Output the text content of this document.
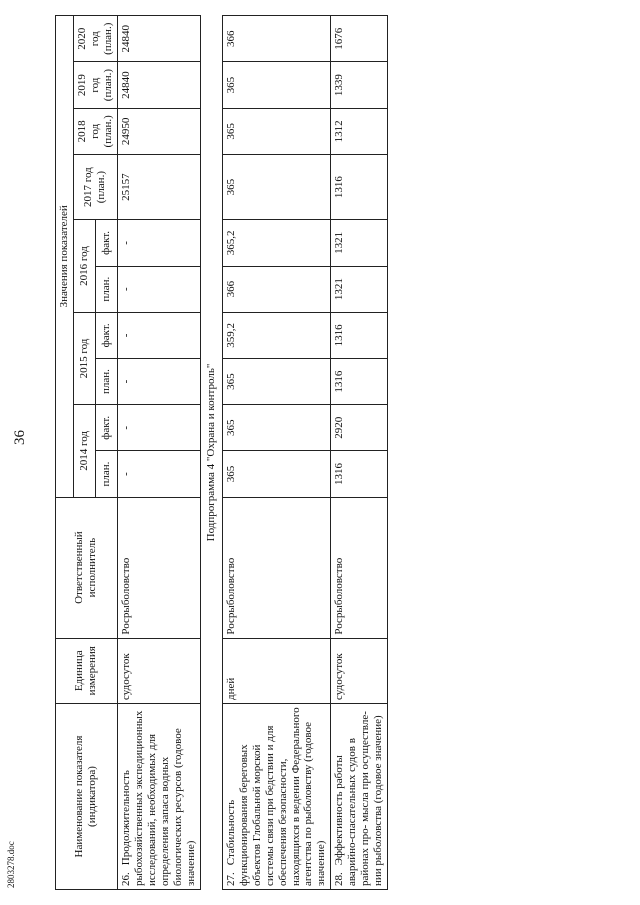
36
Наименование показателя (индикатора)	Единица измерения	Ответственный исполнитель	Значения показателей									
			2014 год		2015 год		2016 год		2017 год (план.)	2018 год (план.)	2019 год (план.)	2020 год (план.)
			план.	факт.	план.	факт.	план.	факт.				
26. Продолжительность рыбохозяйственных экспедиционных исследований, необходимых для определения запаса водных биологических ресурсов (годовое значение)	судосуток	Росрыболовство	-	-	-	-	-	-	25157	24950	24840	24840
Подпрограмма 4 "Охрана и контроль"												
27. Стабильность функционирования береговых объектов Глобальной морской системы связи при бедствии и для обеспечения безопасности, находящихся в ведении Федерального агентства по рыболовству (годовое значение)	дней	Росрыболовство	365	365	365	359,2	366	365,2	365	365	365	366
28. Эффективность работы аварийно-спасательных судов в районах про- мысла при осуществле- нии рыболовства (годовое значение)	судосуток	Росрыболовство	1316	2920	1316	1316	1321	1321	1316	1312	1339	1676
2803278.doc
